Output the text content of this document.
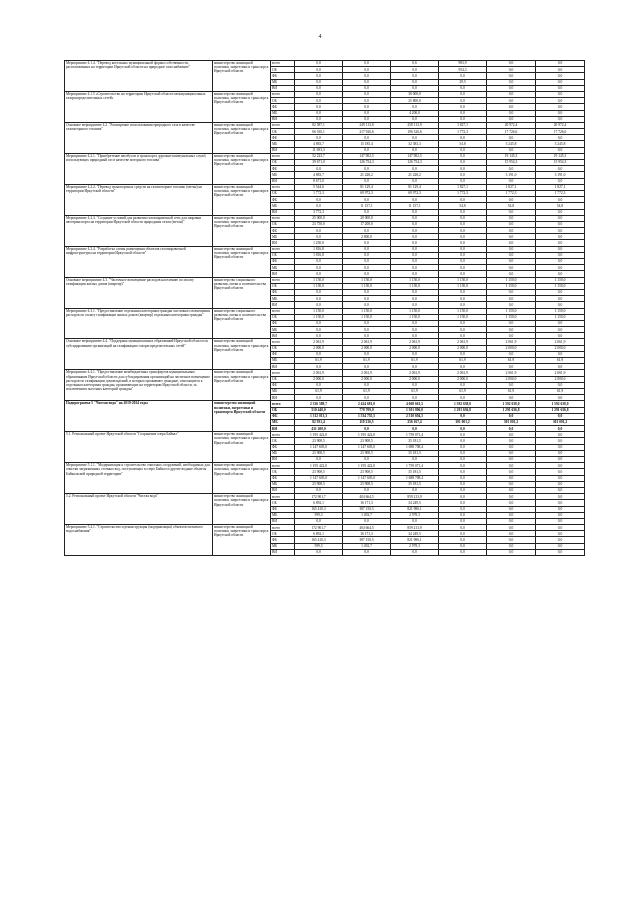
4
Мероприятие 4.1.4. "Перевод котельных муниципальной формы собственности, расположенных на территории Иркутской области на природное газоснабжение"	министерство жилищной политики, энергетики и транспорта Иркутской области	всего	0,0	0,0	0,6	983,9	0,0	0,0
		ОБ	0,0	0,0	0,0	954,3	0,0	0,0
		ФБ	0,0	0,0	0,0	0,0	0,0	0,0
		МБ	0,0	0,0	0,0	29,5	0,0	0,0
		ВИ	0,0	0,0	0,0	0,0	0,0	0,0
Мероприятие 4.1.5 «Строительство на территории Иркутской области межмуниципальных газораспределительных сетей»	министерство жилищной политики, энергетики и транспорта Иркутской области	всего	0,0	0,0	38 000,0	0,0	0,0	0,0
		ОБ	0,0	0,0	25 800,0	0,0	0,0	0,0
		ФБ	0,0	0,0	0,0	0,0	0,0	0,0
		МБ	0,0	0,0	4 200,0	0,0	0,0	0,0
		ВИ	0,0	0,0	0,0	0,0	0,0	0,0
Основное мероприятие 4.2. "Расширение использования природного газа в качестве газомоторного топлива"	министерство жилищной политики, энергетики и транспорта Иркутской области	всего	82 587,1	249 113,8	258 113,9	1 827,1	20 972,4	20 972,4
		ОБ	66 010,1	217 926,6	196 326,6	1 772,3	17 726,6	17 726,6
		ФБ	0,0	0,0	0,0	0,0	0,0	0,0
		МБ	4 883,7	15 185,4	32 383,3	54,8	3 245,8	3 245,8
		ВИ	11 693,3	0,0	0,0	0,0	0,0	0,0
Мероприятие 4.2.1. "Приобретение автобусов и транспорта дорожно-коммунальных служб, использующих природный газ в качестве моторного топлива"	министерство жилищной политики, энергетики и транспорта Иркутской области	всего	52 223,7	147 982,5	147 982,5	0,0	19 145,3	19 145,3
		ОБ	39 671,0	126 754,3	126 754,3	0,0	15 954,3	15 954,3
		ФБ	0,0	0,0	0,0	0,0	0,0	0,0
		МБ	4 883,7	21 228,2	21 228,2	0,0	3 191,0	3 191,0
		ВИ	8 671,0	0,0	0,0	0,0	0,0	0,0
Мероприятие 4.2.2. "Перевод транспортных средств на газомоторное топливо (метан) на территории Иркутской области"	министерство жилищной политики, энергетики и транспорта Иркутской области	всего	5 544,6	81 129,4	81 129,4	1 827,1	1 827,1	1 827,1
		ОБ	1 772,3	69 972,3	69 972,3	1 772,3	1 772,3	1 772,3
		ФБ	0,0	0,0	0,0	0,0	0,0	0,0
		МБ	0,0	11 157,1	11 157,1	54,8	54,8	54,8
		ВИ	3 772,3	0,0	0,0	0,0	0,0	0,0
Мероприятие 4.2.3. "Создание условий для развития газозаправочной сети для заправки автотранспорта на территории Иркутской области природным газом (метан)"	министерство жилищной политики, энергетики и транспорта Иркутской области	всего	25 000,0	20 000,0	0,0	0,0	0,0	0,0
		ОБ	23 750,0	17 200,0	0,0	0,0	0,0	0,0
		ФБ	0,0	0,0	0,0	0,0	0,0	0,0
		МБ	0,0	2 800,0	0,0	0,0	0,0	0,0
		ВИ	1 250,0	0,0	0,0	0,0	0,0	0,0
Мероприятие 4.2.4. "Разработка схемы размещения объектов газозаправочной инфраструктуры на территории Иркутской области"	министерство жилищной политики, энергетики и транспорта Иркутской области	всего	1 816,8	0,0	0,0	0,0	0,0	0,0
		ОБ	1 816,8	0,0	0,0	0,0	0,0	0,0
		ФБ	0,0	0,0	0,0	0,0	0,0	0,0
		МБ	0,0	0,0	0,0	0,0	0,0	0,0
		ВИ	0,0	0,0	0,0	0,0	0,0	0,0
Основное мероприятие 4.3. "Частичное возмещение расходов населению по оплату газификации жилых домов (квартир)"	министерство социального развития, опеки и попечительства Иркутской области	всего	1 150,0	1 150,0	1 150,0	1 150,0	1 150,0	1 150,0
		ОБ	1 150,0	1 150,0	1 150,0	1 150,0	1 150,0	1 150,0
		ФБ	0,0	0,0	0,0	0,0	0,0	0,0
		МБ	0,0	0,0	0,0	0,0	0,0	0,0
		ВИ	0,0	0,0	0,0	0,0	0,0	0,0
Мероприятие 4.3.1. "Предоставление отдельным категориям граждан частичного возмещения расходов по оплату газификации жилых домов (квартир) отдельным категориям граждан"	министерство социального развития, опеки и попечительства Иркутской области	всего	1 150,0	1 150,0	1 150,0	1 150,0	1 150,0	1 150,0
		ОБ	1 150,0	1 150,0	1 150,0	1 150,0	1 150,0	1 150,0
		ФБ	0,0	0,0	0,0	0,0	0,0	0,0
		МБ	0,0	0,0	0,0	0,0	0,0	0,0
		ВИ	0,0	0,0	0,0	0,0	0,0	0,0
Основное мероприятие 4.4. "Поддержка муниципальных образований Иркутской области по субсидированию организаций на газификацию газораспределительных сетей"	министерство жилищной политики, энергетики и транспорта Иркутской области	всего	2 061,9	2 061,9	2 061,9	2 061,9	2 061,9	2 061,9
		ОБ	2 000,0	2 000,0	2 000,0	2 000,0	2 000,0	2 000,0
		ФБ	0,0	0,0	0,0	0,0	0,0	0,0
		МБ	61,9	61,9	61,9	61,9	61,9	61,9
		ВИ	0,0	0,0	0,0	0,0	0,0	0,0
Мероприятие 4.4.1. "Предоставление межбюджетных трансфертов муниципальным образованиям Иркутской области для субсидирования организаций на частичное возмещение расходов по газификации домовладений, в которых проживают граждане, относящиеся к отдельным категориям граждан, проживающих на территории Иркутской области, за исключением льготных категорий граждан"	министерство жилищной политики, энергетики и транспорта Иркутской области	всего	2 061,9	2 061,9	2 061,9	2 061,9	2 061,9	2 061,9
		ОБ	2 000,0	2 000,0	2 000,0	2 000,0	2 000,0	2 000,0
		ФБ	0,0	0,0	0,0	0,0	0,0	0,0
		МБ	61,9	61,9	61,9	61,9	61,9	61,9
		ВИ	0,0	0,0	0,0	0,0	0,0	0,0
Подпрограмма 5 "Чистая вода" на 2019-2024 годы	министерство жилищной политики, энергетики и транспорта Иркутской области	всего	2 336 588,7	2 424 681,0	4 068 661,5	1 592 638,0	1 592 638,0	1 592 638,0
		ОБ	510 440,0	770 709,0	1 301 806,0	1 291 636,8	1 291 636,8	1 291 636,8
		ФБ	1 312 013,3	1 534 755,5	2 510 694,5	0,0	0,0	0,0
		МБ	82 931,4	119 216,5	256 167,4	301 001,2	301 001,2	301 001,2
		ВИ	431 200,0	0,0	0,0	0,0	0,0	0,0
5.1. Региональный проект Иркутской области "Сохранение озера Байкал"	министерство жилищной политики, энергетики и транспорта Иркутской области	всего	1 195 422,0	1 195 422,0	1 759 071,4	0,0	0,0	0,0
		ОБ	23 908,5	23 908,5	35 181,5	0,0	0,0	0,0
		ФБ	1 147 605,0	1 147 605,0	1 688 708,4	0,0	0,0	0,0
		МБ	23 908,5	23 908,5	35 181,5	0,0	0,0	0,0
		ВИ	0,0	0,0	0,0	0,0	0,0	0,0
Мероприятие 5.1.1. "Модернизация и строительство очистных сооружений, необходимых для очистки загрязненных сточных вод, поступающих в озеро Байкал и другие водные объекты Байкальской природной территории"	министерство жилищной политики, энергетики и транспорта Иркутской области	всего	1 195 422,0	1 195 422,0	1 759 071,4	0,0	0,0	0,0
		ОБ	23 908,5	23 908,5	35 181,5	0,0	0,0	0,0
		ФБ	1 147 605,0	1 147 605,0	1 688 708,4	0,0	0,0	0,0
		МБ	23 908,5	23 908,5	35 181,5	0,0	0,0	0,0
		ВИ	0,0	0,0	0,0	0,0	0,0	0,0
5.2. Региональный проект Иркутской области "Чистая вода"	министерство жилищной политики, энергетики и транспорта Иркутской области	всего	172 901,7	404 664,5	859 213,9	0,0	0,0	0,0
		ОБ	6 892,1	16 171,3	34 249,5	0,0	0,0	0,0
		ФБ	165 410,3	387 150,5	821 986,1	0,0	0,0	0,0
		МБ	599,3	1 492,7	2 978,3	0,0	0,0	0,0
		ВИ	0,0	0,0	0,0	0,0	0,0	0,0
Мероприятие 5.2.1. "Строительство и реконструкция (модернизация) объектов питьевого водоснабжения"	министерство жилищной политики, энергетики и транспорта Иркутской области	всего	172 901,7	404 664,5	859 213,9	0,0	0,0	0,0
		ОБ	6 892,1	16 171,3	34 249,5	0,0	0,0	0,0
		ФБ	165 410,3	387 150,5	821 986,1	0,0	0,0	0,0
		МБ	599,3	1 492,7	2 978,3	0,0	0,0	0,0
		ВИ	0,0	0,0	0,0	0,0	0,0	0,0
